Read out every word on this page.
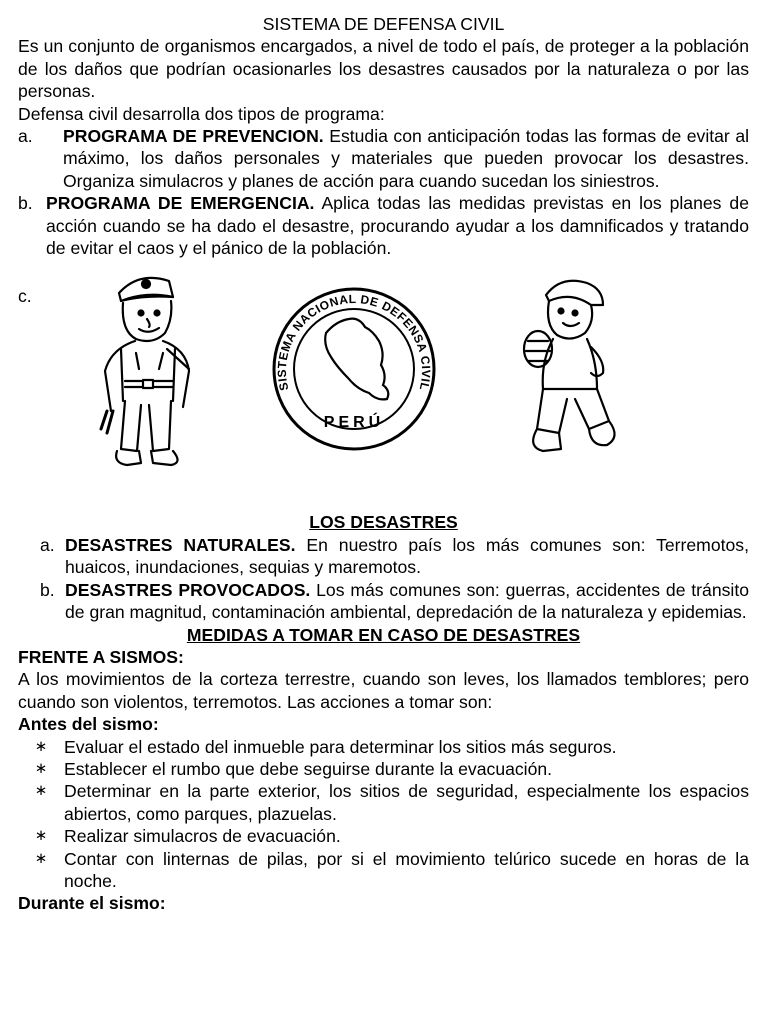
SISTEMA DE DEFENSA CIVIL

Es un conjunto de organismos encargados, a nivel de todo el país, de proteger a la población de los daños que podrían ocasionarles los desastres causados por la naturaleza o por las personas.

Defensa civil desarrolla dos tipos de programa:

a.	PROGRAMA DE PREVENCION. Estudia con anticipación todas las formas de evitar al máximo, los daños personales y materiales que pueden provocar los desastres. Organiza simulacros y planes de acción para cuando sucedan los siniestros.
b. PROGRAMA DE EMERGENCIA. Aplica todas las medidas previstas en los planes de acción cuando se ha dado el desastre, procurando ayudar a los damnificados y tratando de evitar el caos y el pánico de la población.
c.
SISTEMA NACIONAL DE DEFENSA CIVIL
PERÚ

LOS DESASTRES

a. DESASTRES NATURALES. En nuestro país los más comunes son: Terremotos, huaicos, inundaciones, sequias y maremotos.
b. DESASTRES PROVOCADOS. Los más comunes son: guerras, accidentes de tránsito de gran magnitud, contaminación ambiental, depredación de la naturaleza y epidemias.

MEDIDAS A TOMAR EN CASO DE DESASTRES

FRENTE A SISMOS:

A los movimientos de la corteza terrestre, cuando son leves, los llamados temblores; pero cuando son violentos, terremotos. Las acciones a tomar son:

Antes del sismo:

∗ Evaluar el estado del inmueble para determinar los sitios más seguros.
∗ Establecer el rumbo que debe seguirse durante la evacuación.
∗ Determinar en la parte exterior, los sitios de seguridad, especialmente los espacios abiertos, como parques, plazuelas.
∗ Realizar simulacros de evacuación.
∗ Contar con linternas de pilas, por si el movimiento telúrico sucede en horas de la noche.

Durante el sismo:
